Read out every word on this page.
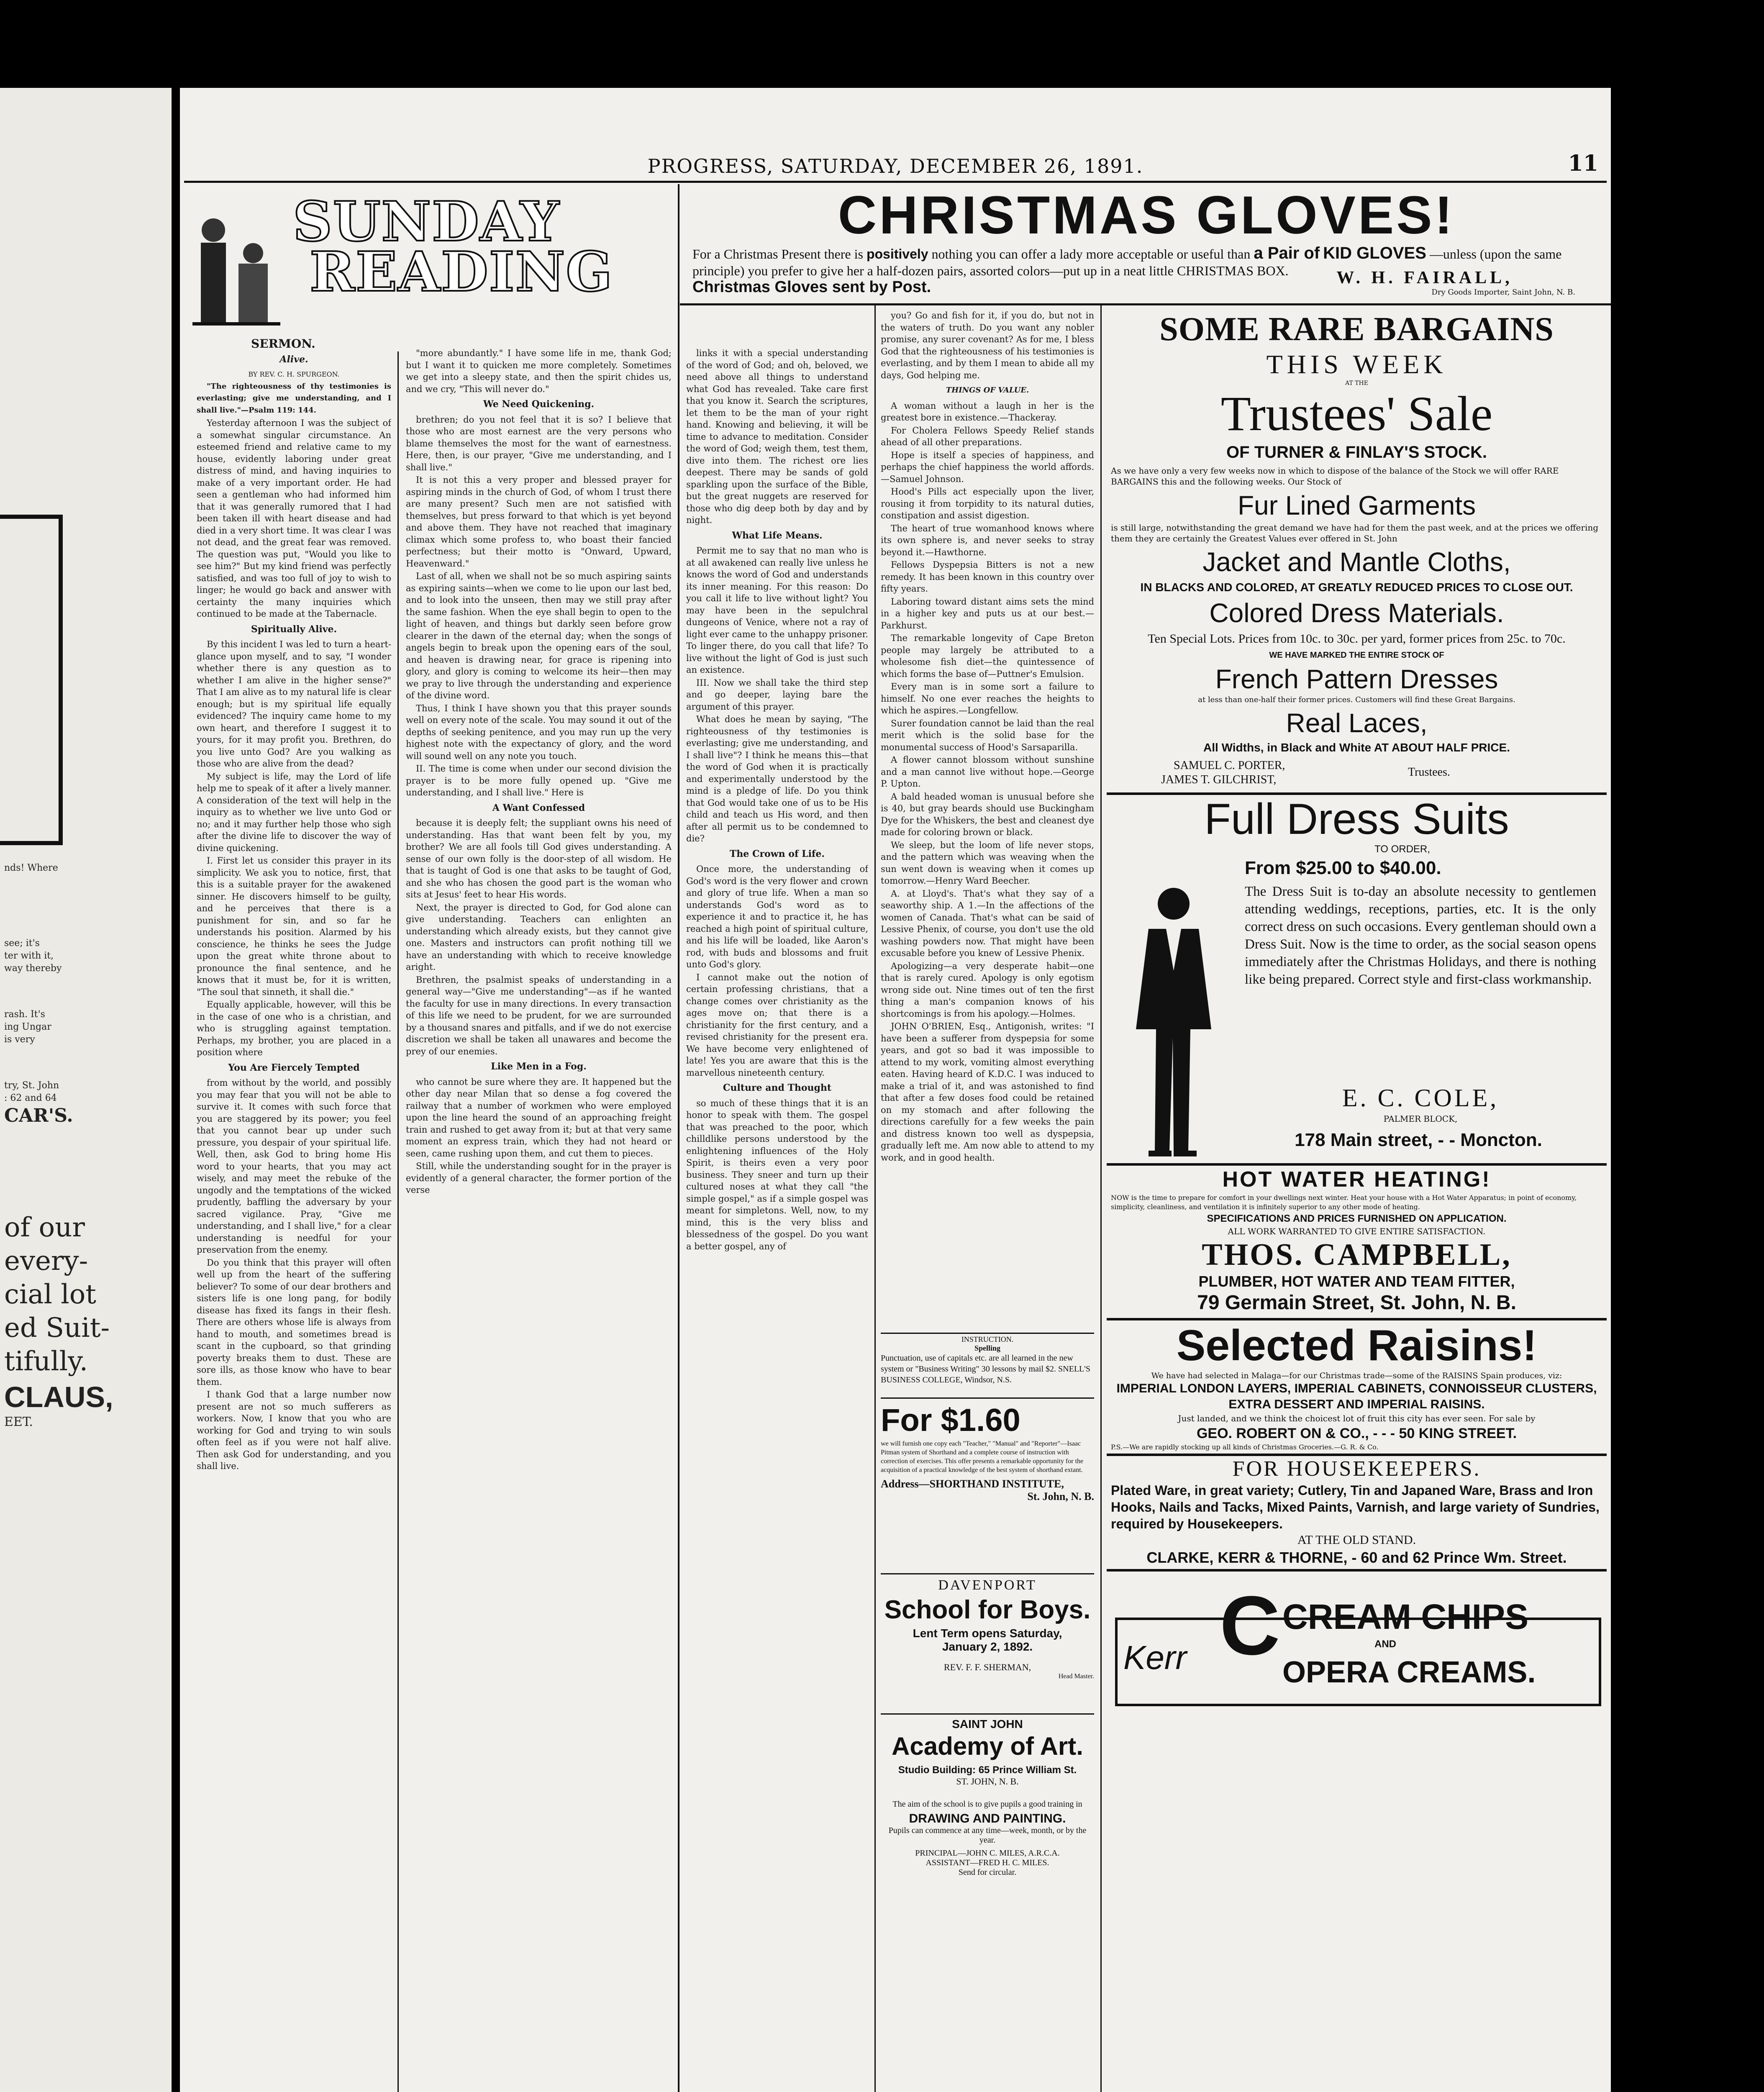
nds! Where
see; it's
ter with it,
way thereby
rash. It's
ing Ungar
is very
try, St. John
: 62 and 64
CAR'S.
of our
every-
cial lot
ed Suit-
tifully.
CLAUS,
EET.
PROGRESS, SATURDAY, DECEMBER 26, 1891.	11
SUNDAY
READING
SERMON.
Alive.
BY REV. C. H. SPURGEON.

"The righteousness of thy testimonies is everlasting; give me understanding, and I shall live."—Psalm 119: 144.

Yesterday afternoon I was the subject of a somewhat singular circumstance. An esteemed friend and relative came to my house, evidently laboring under great distress of mind, and having inquiries to make of a very important order. He had seen a gentleman who had informed him that it was generally rumored that I had been taken ill with heart disease and had died in a very short time. It was clear I was not dead, and the great fear was removed. The question was put, "Would you like to see him?" But my kind friend was perfectly satisfied, and was too full of joy to wish to linger; he would go back and answer with certainty the many inquiries which continued to be made at the Tabernacle.

Spiritually Alive.

By this incident I was led to turn a heart-glance upon myself, and to say, "I wonder whether there is any question as to whether I am alive in the higher sense?" That I am alive as to my natural life is clear enough; but is my spiritual life equally evidenced? The inquiry came home to my own heart, and therefore I suggest it to yours, for it may profit you. Brethren, do you live unto God? Are you walking as those who are alive from the dead?

My subject is life, may the Lord of life help me to speak of it after a lively manner. A consideration of the text will help in the inquiry as to whether we live unto God or no; and it may further help those who sigh after the divine life to discover the way of divine quickening.

I. First let us consider this prayer in its simplicity. We ask you to notice, first, that this is a suitable prayer for the awakened sinner. He discovers himself to be guilty, and he perceives that there is a punishment for sin, and so far he understands his position. Alarmed by his conscience, he thinks he sees the Judge upon the great white throne about to pronounce the final sentence, and he knows that it must be, for it is written, "The soul that sinneth, it shall die."

Equally applicable, however, will this be in the case of one who is a christian, and who is struggling against temptation. Perhaps, my brother, you are placed in a position where

You Are Fiercely Tempted

from without by the world, and possibly you may fear that you will not be able to survive it. It comes with such force that you are staggered by its power; you feel that you cannot bear up under such pressure, you despair of your spiritual life. Well, then, ask God to bring home His word to your hearts, that you may act wisely, and may meet the rebuke of the ungodly and the temptations of the wicked prudently, baffling the adversary by your sacred vigilance. Pray, "Give me understanding, and I shall live," for a clear understanding is needful for your preservation from the enemy.

Do you think that this prayer will often well up from the heart of the suffering believer? To some of our dear brothers and sisters life is one long pang, for bodily disease has fixed its fangs in their flesh. There are others whose life is always from hand to mouth, and sometimes bread is scant in the cupboard, so that grinding poverty breaks them to dust. These are sore ills, as those know who have to bear them.

I thank God that a large number now present are not so much sufferers as workers. Now, I know that you who are working for God and trying to win souls often feel as if you were not half alive. Then ask God for understanding, and you shall live.

"more abundantly." I have some life in me, thank God; but I want it to quicken me more completely. Sometimes we get into a sleepy state, and then the spirit chides us, and we cry, "This will never do."

We Need Quickening.

brethren; do you not feel that it is so? I believe that those who are most earnest are the very persons who blame themselves the most for the want of earnestness. Here, then, is our prayer, "Give me understanding, and I shall live."

It is not this a very proper and blessed prayer for aspiring minds in the church of God, of whom I trust there are many present? Such men are not satisfied with themselves, but press forward to that which is yet beyond and above them. They have not reached that imaginary climax which some profess to, who boast their fancied perfectness; but their motto is "Onward, Upward, Heavenward."

Last of all, when we shall not be so much aspiring saints as expiring saints—when we come to lie upon our last bed, and to look into the unseen, then may we still pray after the same fashion. When the eye shall begin to open to the light of heaven, and things but darkly seen before grow clearer in the dawn of the eternal day; when the songs of angels begin to break upon the opening ears of the soul, and heaven is drawing near, for grace is ripening into glory, and glory is coming to welcome its heir—then may we pray to live through the understanding and experience of the divine word.

Thus, I think I have shown you that this prayer sounds well on every note of the scale. You may sound it out of the depths of seeking penitence, and you may run up the very highest note with the expectancy of glory, and the word will sound well on any note you touch.

II. The time is come when under our second division the prayer is to be more fully opened up. "Give me understanding, and I shall live." Here is

A Want Confessed

because it is deeply felt; the suppliant owns his need of understanding. Has that want been felt by you, my brother? We are all fools till God gives understanding. A sense of our own folly is the door-step of all wisdom. He that is taught of God is one that asks to be taught of God, and she who has chosen the good part is the woman who sits at Jesus' feet to hear His words.

Next, the prayer is directed to God, for God alone can give understanding. Teachers can enlighten an understanding which already exists, but they cannot give one. Masters and instructors can profit nothing till we have an understanding with which to receive knowledge aright.

Brethren, the psalmist speaks of understanding in a general way—"Give me understanding"—as if he wanted the faculty for use in many directions. In every transaction of this life we need to be prudent, for we are surrounded by a thousand snares and pitfalls, and if we do not exercise discretion we shall be taken all unawares and become the prey of our enemies.

Like Men in a Fog.

who cannot be sure where they are. It happened but the other day near Milan that so dense a fog covered the railway that a number of workmen who were employed upon the line heard the sound of an approaching freight train and rushed to get away from it; but at that very same moment an express train, which they had not heard or seen, came rushing upon them, and cut them to pieces.

Still, while the understanding sought for in the prayer is evidently of a general character, the former portion of the verse

links it with a special understanding of the word of God; and oh, beloved, we need above all things to understand what God has revealed. Take care first that you know it. Search the scriptures, let them to be the man of your right hand. Knowing and believing, it will be time to advance to meditation. Consider the word of God; weigh them, test them, dive into them. The richest ore lies deepest. There may be sands of gold sparkling upon the surface of the Bible, but the great nuggets are reserved for those who dig deep both by day and by night.

What Life Means.

Permit me to say that no man who is at all awakened can really live unless he knows the word of God and understands its inner meaning. For this reason: Do you call it life to live without light? You may have been in the sepulchral dungeons of Venice, where not a ray of light ever came to the unhappy prisoner. To linger there, do you call that life? To live without the light of God is just such an existence.

III. Now we shall take the third step and go deeper, laying bare the argument of this prayer.

What does he mean by saying, "The righteousness of thy testimonies is everlasting; give me understanding, and I shall live"? I think he means this—that the word of God when it is practically and experimentally understood by the mind is a pledge of life. Do you think that God would take one of us to be His child and teach us His word, and then after all permit us to be condemned to die?

The Crown of Life.

Once more, the understanding of God's word is the very flower and crown and glory of true life. When a man so understands God's word as to experience it and to practice it, he has reached a high point of spiritual culture, and his life will be loaded, like Aaron's rod, with buds and blossoms and fruit unto God's glory.

I cannot make out the notion of certain professing christians, that a change comes over christianity as the ages move on; that there is a christianity for the first century, and a revised christianity for the present era. We have become very enlightened of late! Yes you are aware that this is the marvellous nineteenth century.

Culture and Thought

so much of these things that it is an honor to speak with them. The gospel that was preached to the poor, which chilldlike persons understood by the enlightening influences of the Holy Spirit, is theirs even a very poor business. They sneer and turn up their cultured noses at what they call "the simple gospel," as if a simple gospel was meant for simpletons. Well, now, to my mind, this is the very bliss and blessedness of the gospel. Do you want a better gospel, any of

CHRISTMAS GLOVES!
For a Christmas Present there is positively nothing you can offer a lady more acceptable or useful than a Pair of KID GLOVES —unless (upon the same principle) you prefer to give her a half-dozen pairs, assorted colors—put up in a neat little CHRISTMAS BOX.
Christmas Gloves sent by Post.	W. H. FAIRALL,
Dry Goods Importer, Saint John, N. B.

you? Go and fish for it, if you do, but not in the waters of truth. Do you want any nobler promise, any surer covenant? As for me, I bless God that the righteousness of his testimonies is everlasting, and by them I mean to abide all my days, God helping me.

THINGS OF VALUE.

A woman without a laugh in her is the greatest bore in existence.—Thackeray.

For Cholera Fellows Speedy Relief stands ahead of all other preparations.

Hope is itself a species of happiness, and perhaps the chief happiness the world affords.—Samuel Johnson.

Hood's Pills act especially upon the liver, rousing it from torpidity to its natural duties, constipation and assist digestion.

The heart of true womanhood knows where its own sphere is, and never seeks to stray beyond it.—Hawthorne.

Fellows Dyspepsia Bitters is not a new remedy. It has been known in this country over fifty years.

Laboring toward distant aims sets the mind in a higher key and puts us at our best.—Parkhurst.

The remarkable longevity of Cape Breton people may largely be attributed to a wholesome fish diet—the quintessence of which forms the base of—Puttner's Emulsion.

Every man is in some sort a failure to himself. No one ever reaches the heights to which he aspires.—Longfellow.

Surer foundation cannot be laid than the real merit which is the solid base for the monumental success of Hood's Sarsaparilla.

A flower cannot blossom without sunshine and a man cannot live without hope.—George P. Upton.

A bald headed woman is unusual before she is 40, but gray beards should use Buckingham Dye for the Whiskers, the best and cleanest dye made for coloring brown or black.

We sleep, but the loom of life never stops, and the pattern which was weaving when the sun went down is weaving when it comes up tomorrow.—Henry Ward Beecher.

A. at Lloyd's. That's what they say of a seaworthy ship. A 1.—In the affections of the women of Canada. That's what can be said of Lessive Phenix, of course, you don't use the old washing powders now. That might have been excusable before you knew of Lessive Phenix.

Apologizing—a very desperate habit—one that is rarely cured. Apology is only egotism wrong side out. Nine times out of ten the first thing a man's companion knows of his shortcomings is from his apology.—Holmes.

JOHN O'BRIEN, Esq., Antigonish, writes: "I have been a sufferer from dyspepsia for some years, and got so bad it was impossible to attend to my work, vomiting almost everything eaten. Having heard of K.D.C. I was induced to make a trial of it, and was astonished to find that after a few doses food could be retained on my stomach and after following the directions carefully for a few weeks the pain and distress known too well as dyspepsia, gradually left me. Am now able to attend to my work, and in good health.

INSTRUCTION.
Spelling
Punctuation, use of capitals etc. are all learned in the new system or "Business Writing" 30 lessons by mail $2. SNELL'S BUSINESS COLLEGE, Windsor, N.S.
For $1.60
we will furnish one copy each "Teacher," "Manual" and "Reporter"—Isaac Pitman system of Shorthand and a complete course of instruction with correction of exercises. This offer presents a remarkable opportunity for the acquisition of a practical knowledge of the best system of shorthand extant.
Address—SHORTHAND INSTITUTE,
St. John, N. B.
DAVENPORT
School for Boys.
Lent Term opens Saturday,
January 2, 1892.
REV. F. F. SHERMAN,
Head Master.
SAINT JOHN
Academy of Art.
Studio Building: 65 Prince William St.
ST. JOHN, N. B.
The aim of the school is to give pupils a good training in
DRAWING AND PAINTING.
Pupils can commence at any time—week, month, or by the year.
PRINCIPAL—JOHN C. MILES, A.R.C.A.
ASSISTANT—FRED H. C. MILES.
Send for circular.
SOME RARE BARGAINS
THIS WEEK
AT THE
Trustees' Sale
OF TURNER & FINLAY'S STOCK.
As we have only a very few weeks now in which to dispose of the balance of the Stock we will offer RARE BARGAINS this and the following weeks. Our Stock of
Fur Lined Garments
is still large, notwithstanding the great demand we have had for them the past week, and at the prices we offering them they are certainly the Greatest Values ever offered in St. John
Jacket and Mantle Cloths,
IN BLACKS AND COLORED, AT GREATLY REDUCED PRICES TO CLOSE OUT.
Colored Dress Materials.
Ten Special Lots. Prices from 10c. to 30c. per yard, former prices from 25c. to 70c.
WE HAVE MARKED THE ENTIRE STOCK OF
French Pattern Dresses
at less than one-half their former prices. Customers will find these Great Bargains.
Real Laces,
All Widths, in Black and White AT ABOUT HALF PRICE.
SAMUEL C. PORTER,
JAMES T. GILCHRIST,
Trustees.
Full Dress Suits
TO ORDER,
From $25.00 to $40.00.
The Dress Suit is to-day an absolute necessity to gentlemen attending weddings, receptions, parties, etc. It is the only correct dress on such occasions. Every gentleman should own a Dress Suit. Now is the time to order, as the social season opens immediately after the Christmas Holidays, and there is nothing like being prepared. Correct style and first-class workmanship.
E. C. COLE,
PALMER BLOCK,
178 Main street, - - Moncton.
HOT WATER HEATING!
NOW is the time to prepare for comfort in your dwellings next winter. Heat your house with a Hot Water Apparatus; in point of economy, simplicity, cleanliness, and ventilation it is infinitely superior to any other mode of heating.
SPECIFICATIONS AND PRICES FURNISHED ON APPLICATION.
ALL WORK WARRANTED TO GIVE ENTIRE SATISFACTION.
THOS. CAMPBELL,
PLUMBER, HOT WATER AND TEAM FITTER,
79 Germain Street, St. John, N. B.
Selected Raisins!
We have had selected in Malaga—for our Christmas trade—some of the RAISINS Spain produces, viz:
IMPERIAL LONDON LAYERS, IMPERIAL CABINETS, CONNOISSEUR CLUSTERS, EXTRA DESSERT AND IMPERIAL RAISINS.
Just landed, and we think the choicest lot of fruit this city has ever seen. For sale by
GEO. ROBERT ON & CO., - - - 50 KING STREET.
P.S.—We are rapidly stocking up all kinds of Christmas Groceries.—G. R. & Co.
FOR HOUSEKEEPERS.
Plated Ware, in great variety; Cutlery, Tin and Japaned Ware, Brass and Iron Hooks, Nails and Tacks, Mixed Paints, Varnish, and large variety of Sundries, required by Housekeepers.
AT THE OLD STAND.
CLARKE, KERR & THORNE, - 60 and 62 Prince Wm. Street.
Kerr C CREAM CHIPS
AND
OPERA CREAMS.
